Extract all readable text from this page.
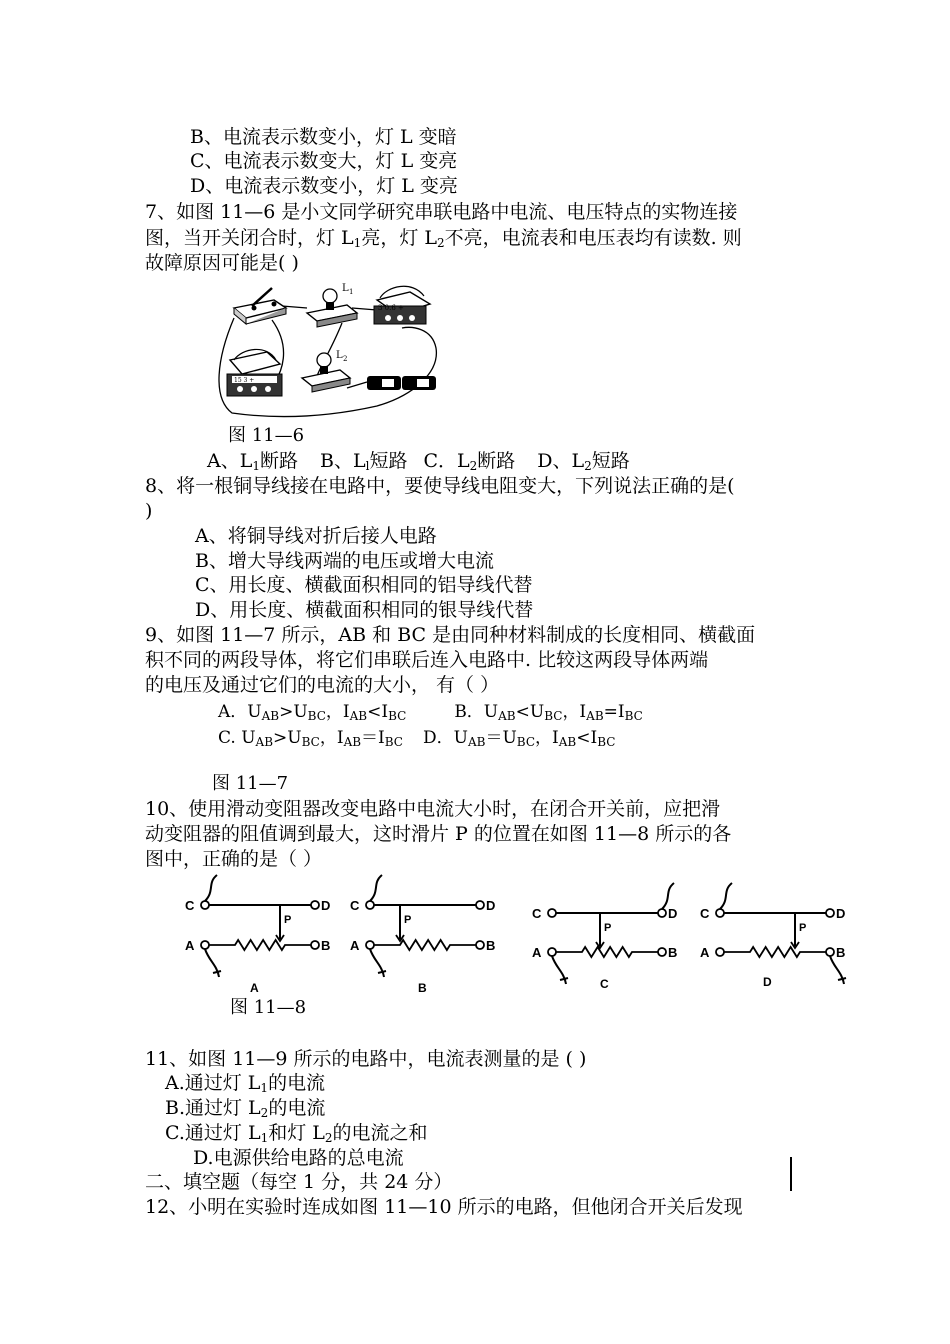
B、电流表示数变小，灯 L 变暗
C、电流表示数变大，灯 L 变亮
D、电流表示数变小，灯 L 变亮
7、如图 11—6 是小文同学研究串联电路中电流、电压特点的实物连接
图，当开关闭合时，灯 $L_1$亮，灯 $L_2$不亮，电流表和电压表均有读数. 则
故障原因可能是( )
L 1
3 0.6 +
15 3 +
L 2
图 11—6
A、$L_1$断路 B、$L_l$短路 C．$L_2$断路 D、$L_2$短路
8、将一根铜导线接在电路中，要使导线电阻变大，下列说法正确的是(
)
A、将铜导线对折后接人电路
B、增大导线两端的电压或增大电流
C、用长度、横截面积相同的铝导线代替
D、用长度、横截面积相同的银导线代替
9、如图 11—7 所示，AB 和 BC 是由同种材料制成的长度相同、横截面
积不同的两段导体，将它们串联后连入电路中. 比较这两段导体两端
的电压及通过它们的电流的大小， 有（ ）
A．$U_{AB}>U_{BC}$，$I_{AB}<I_{BC}$	B．$U_{AB}<U_{BC}$，$I_{AB}=I_{BC}$
C. $U_{AB}>U_{BC}$，$I_{AB}=I_{BC}$ D．$U_{AB}=U_{BC}$，$I_{AB}<I_{BC}$
图 11—7
10、使用滑动变阻器改变电路中电流大小时，在闭合开关前，应把滑
动变阻器的阻值调到最大，这时滑片 P 的位置在如图 11—8 所示的各
图中，正确的是（ ）
C	D
A	B
P
A
C	D
A	B
P
B
C	D
A	B
P
C
C	D
A	B
P
D
图 11—8
11、如图 11—9 所示的电路中，电流表测量的是 ( )
A.通过灯 $L_1$的电流
B.通过灯 $L_2$的电流
C.通过灯 $L_1$和灯 $L_2$的电流之和
D.电源供给电路的总电流
二、填空题（每空 1 分，共 24 分）
12、小明在实验时连成如图 11—10 所示的电路，但他闭合开关后发现
